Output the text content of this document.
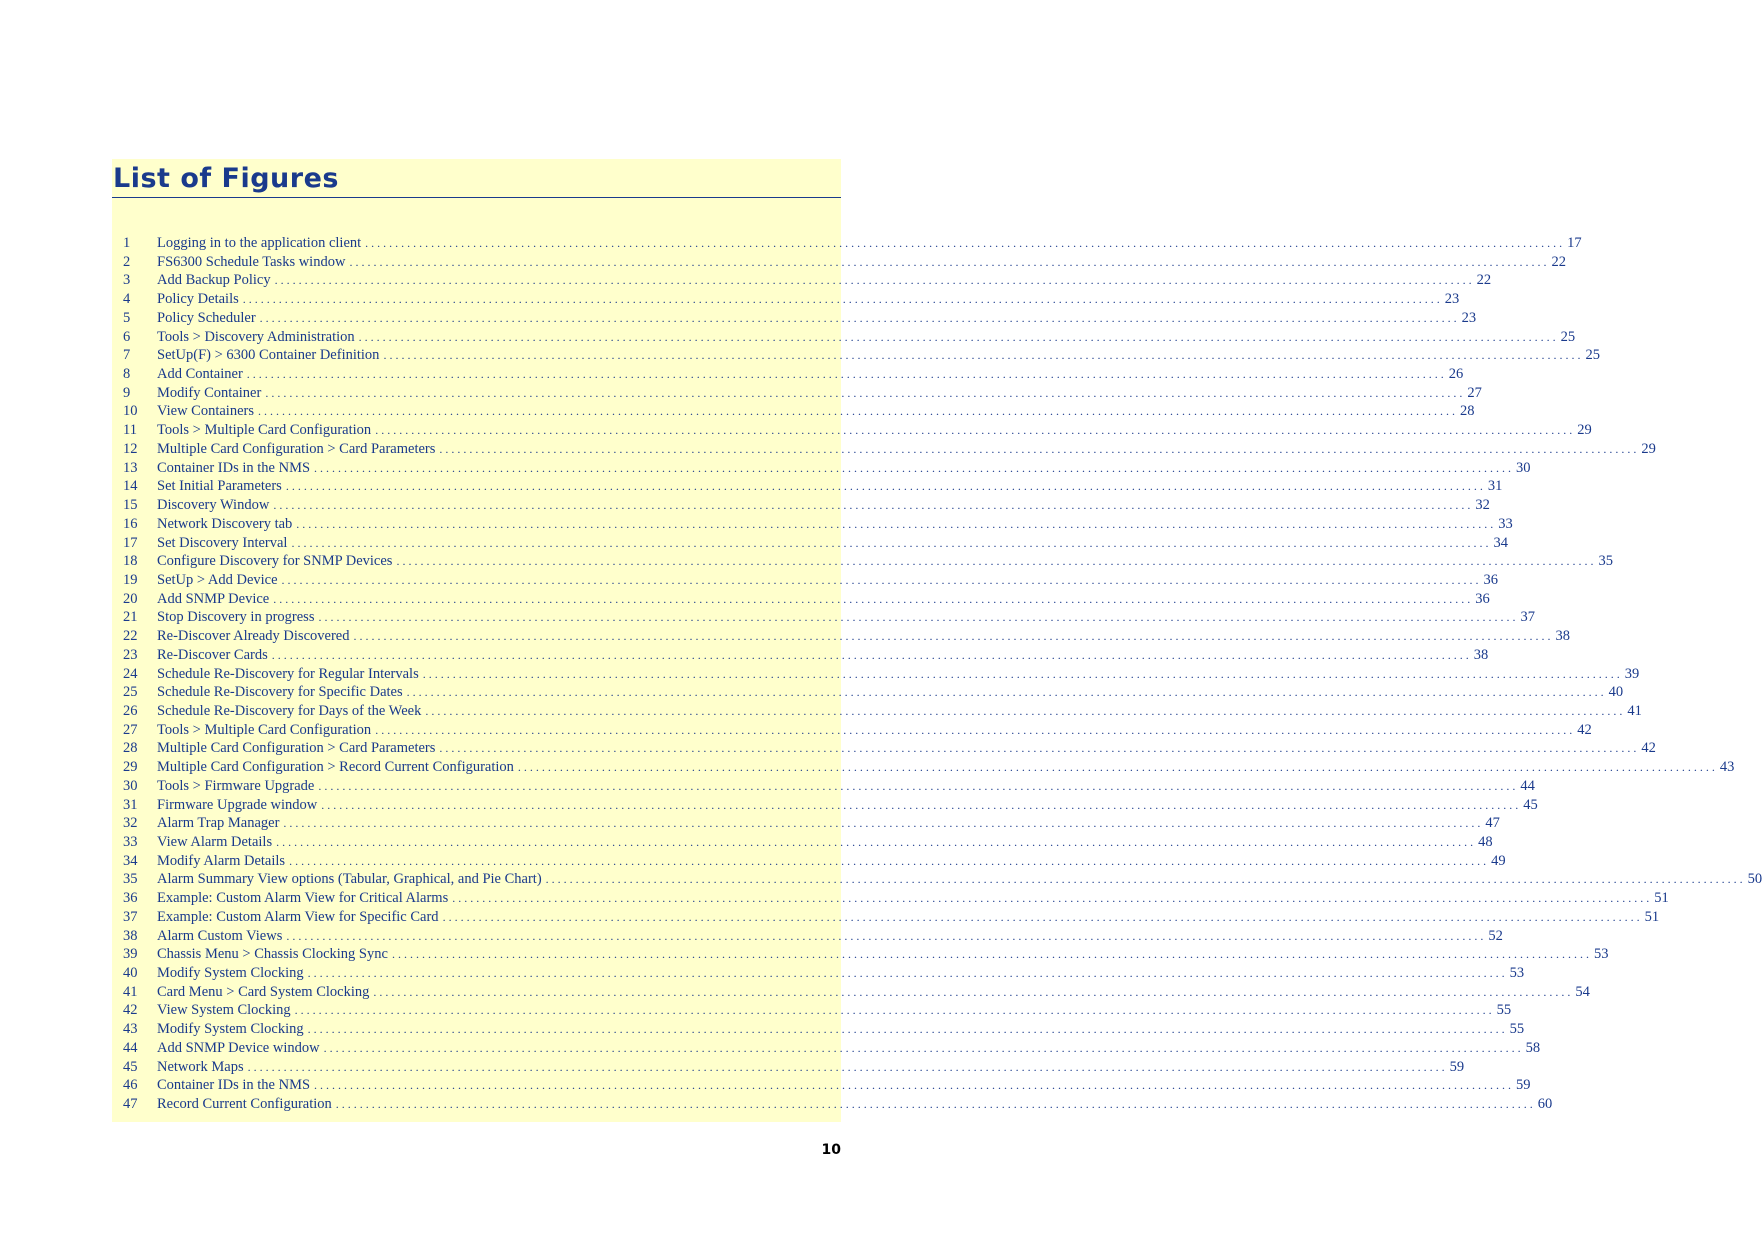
List of Figures
1	Logging in to the application client ........................................................................................................................................................................................................ 17
2	FS6300 Schedule Tasks window ........................................................................................................................................................................................................ 22
3	Add Backup Policy ........................................................................................................................................................................................................ 22
4	Policy Details ........................................................................................................................................................................................................ 23
5	Policy Scheduler ........................................................................................................................................................................................................ 23
6	Tools > Discovery Administration ........................................................................................................................................................................................................ 25
7	SetUp(F) > 6300 Container Definition ........................................................................................................................................................................................................ 25
8	Add Container ........................................................................................................................................................................................................ 26
9	Modify Container ........................................................................................................................................................................................................ 27
10	View Containers ........................................................................................................................................................................................................ 28
11	Tools > Multiple Card Configuration ........................................................................................................................................................................................................ 29
12	Multiple Card Configuration > Card Parameters ........................................................................................................................................................................................................ 29
13	Container IDs in the NMS ........................................................................................................................................................................................................ 30
14	Set Initial Parameters ........................................................................................................................................................................................................ 31
15	Discovery Window ........................................................................................................................................................................................................ 32
16	Network Discovery tab ........................................................................................................................................................................................................ 33
17	Set Discovery Interval ........................................................................................................................................................................................................ 34
18	Configure Discovery for SNMP Devices ........................................................................................................................................................................................................ 35
19	SetUp > Add Device ........................................................................................................................................................................................................ 36
20	Add SNMP Device ........................................................................................................................................................................................................ 36
21	Stop Discovery in progress ........................................................................................................................................................................................................ 37
22	Re-Discover Already Discovered ........................................................................................................................................................................................................ 38
23	Re-Discover Cards ........................................................................................................................................................................................................ 38
24	Schedule Re-Discovery for Regular Intervals ........................................................................................................................................................................................................ 39
25	Schedule Re-Discovery for Specific Dates ........................................................................................................................................................................................................ 40
26	Schedule Re-Discovery for Days of the Week ........................................................................................................................................................................................................ 41
27	Tools > Multiple Card Configuration ........................................................................................................................................................................................................ 42
28	Multiple Card Configuration > Card Parameters ........................................................................................................................................................................................................ 42
29	Multiple Card Configuration > Record Current Configuration ........................................................................................................................................................................................................ 43
30	Tools > Firmware Upgrade ........................................................................................................................................................................................................ 44
31	Firmware Upgrade window ........................................................................................................................................................................................................ 45
32	Alarm Trap Manager ........................................................................................................................................................................................................ 47
33	View Alarm Details ........................................................................................................................................................................................................ 48
34	Modify Alarm Details ........................................................................................................................................................................................................ 49
35	Alarm Summary View options (Tabular, Graphical, and Pie Chart) ........................................................................................................................................................................................................ 50
36	Example: Custom Alarm View for Critical Alarms ........................................................................................................................................................................................................ 51
37	Example: Custom Alarm View for Specific Card ........................................................................................................................................................................................................ 51
38	Alarm Custom Views ........................................................................................................................................................................................................ 52
39	Chassis Menu > Chassis Clocking Sync ........................................................................................................................................................................................................ 53
40	Modify System Clocking ........................................................................................................................................................................................................ 53
41	Card Menu > Card System Clocking ........................................................................................................................................................................................................ 54
42	View System Clocking ........................................................................................................................................................................................................ 55
43	Modify System Clocking ........................................................................................................................................................................................................ 55
44	Add SNMP Device window ........................................................................................................................................................................................................ 58
45	Network Maps ........................................................................................................................................................................................................ 59
46	Container IDs in the NMS ........................................................................................................................................................................................................ 59
47	Record Current Configuration ........................................................................................................................................................................................................ 60
10
